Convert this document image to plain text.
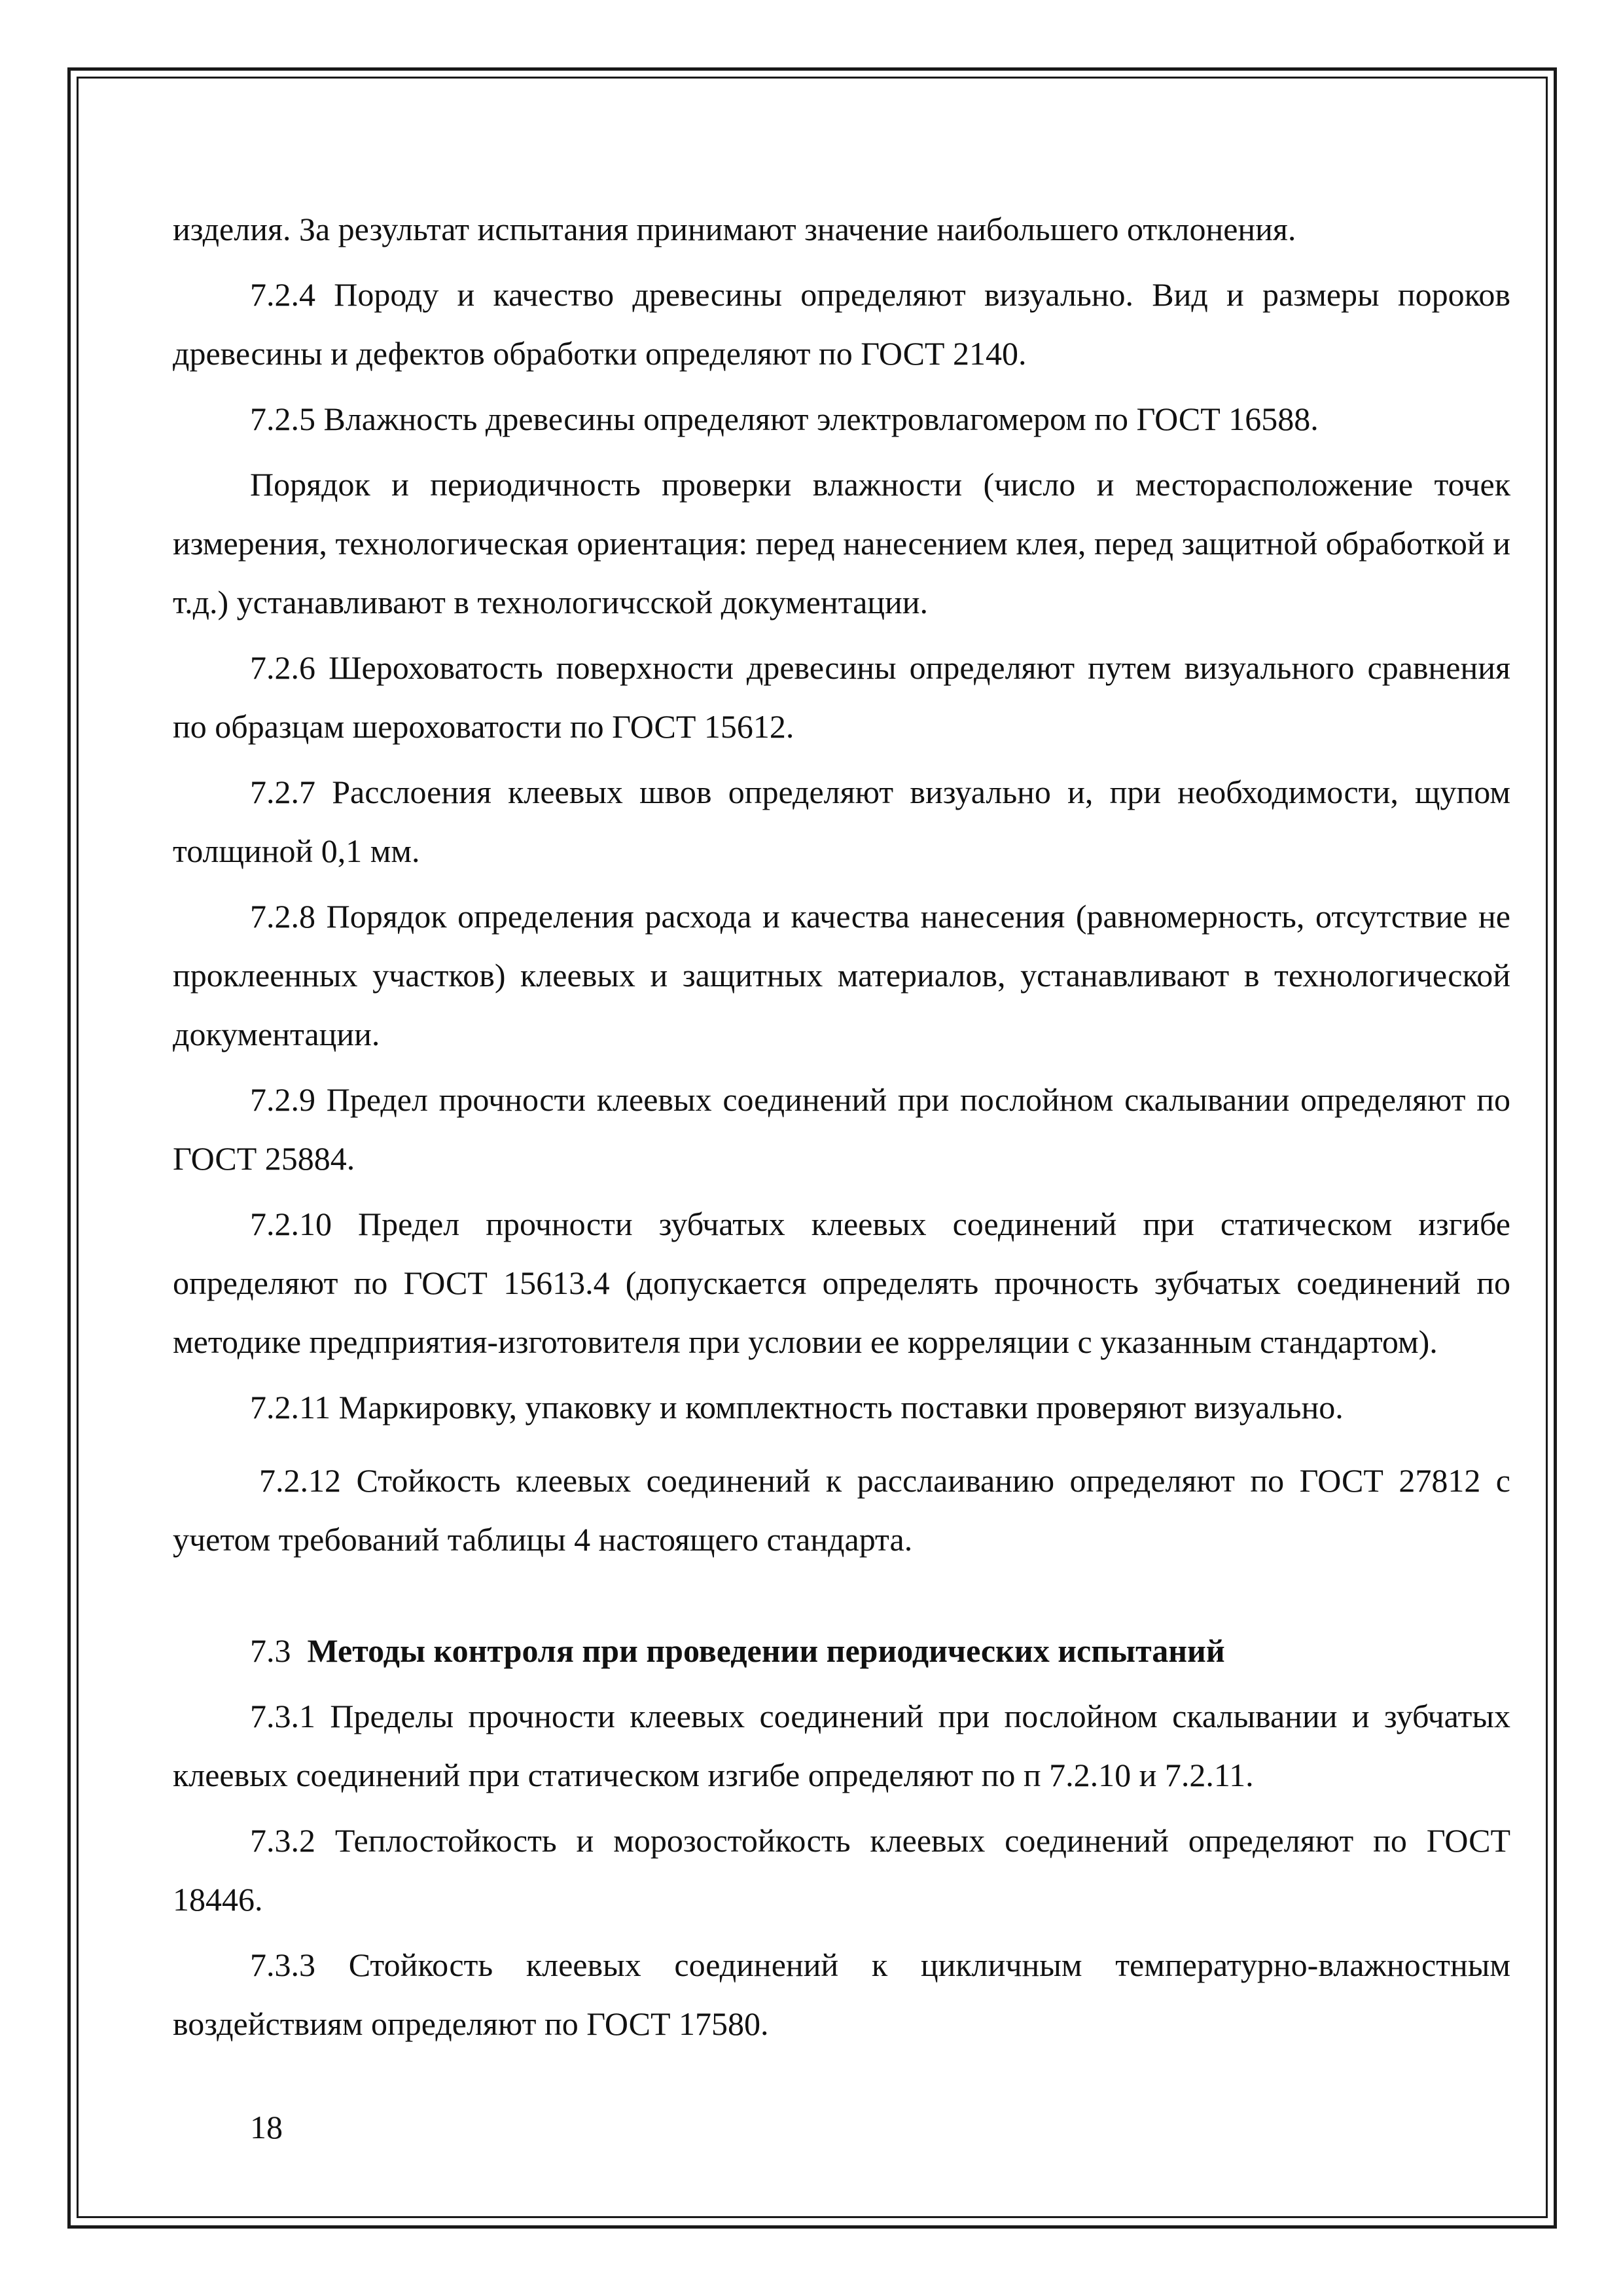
изделия. За результат испытания принимают значение наибольшего отклонения.

7.2.4 Породу и качество древесины определяют визуально. Вид и размеры пороков древесины и дефектов обработки определяют по ГОСТ 2140.

7.2.5 Влажность древесины определяют электровлагомером по ГОСТ 16588.

Порядок и периодичность проверки влажности (число и месторасположение точек измерения, технологическая ориентация: перед нанесением клея, перед защитной обработкой и т.д.) устанавливают в технологичсской документации.

7.2.6 Шероховатость поверхности древесины определяют путем визуального сравнения по образцам шероховатости по ГОСТ 15612.

7.2.7 Расслоения клеевых швов определяют визуально и, при необходимости, щупом толщиной 0,1 мм.

7.2.8 Порядок определения расхода и качества нанесения (равномерность, отсутствие не проклеенных участков) клеевых и защитных материалов, устанавливают в технологической документации.

7.2.9 Предел прочности клеевых соединений при послойном скалывании определяют по ГОСТ 25884.

7.2.10 Предел прочности зубчатых клеевых соединений при статическом изгибе определяют по ГОСТ 15613.4 (допускается определять прочность зубчатых соединений по методике предприятия-изготовителя при условии ее корреляции с указанным стандартом).

7.2.11 Маркировку, упаковку и комплектность поставки проверяют визуально.

7.2.12 Стойкость клеевых соединений к расслаиванию определяют по ГОСТ 27812 с учетом требований таблицы 4 настоящего стандарта.

7.3 Методы контроля при проведении периодических испытаний

7.3.1 Пределы прочности клеевых соединений при послойном скалывании и зубчатых клеевых соединений при статическом изгибе определяют по п 7.2.10 и 7.2.11.

7.3.2 Теплостойкость и морозостойкость клеевых соединений определяют по ГОСТ 18446.

7.3.3 Стойкость клеевых соединений к цикличным температурно-влажностным воздействиям определяют по ГОСТ 17580.

18
